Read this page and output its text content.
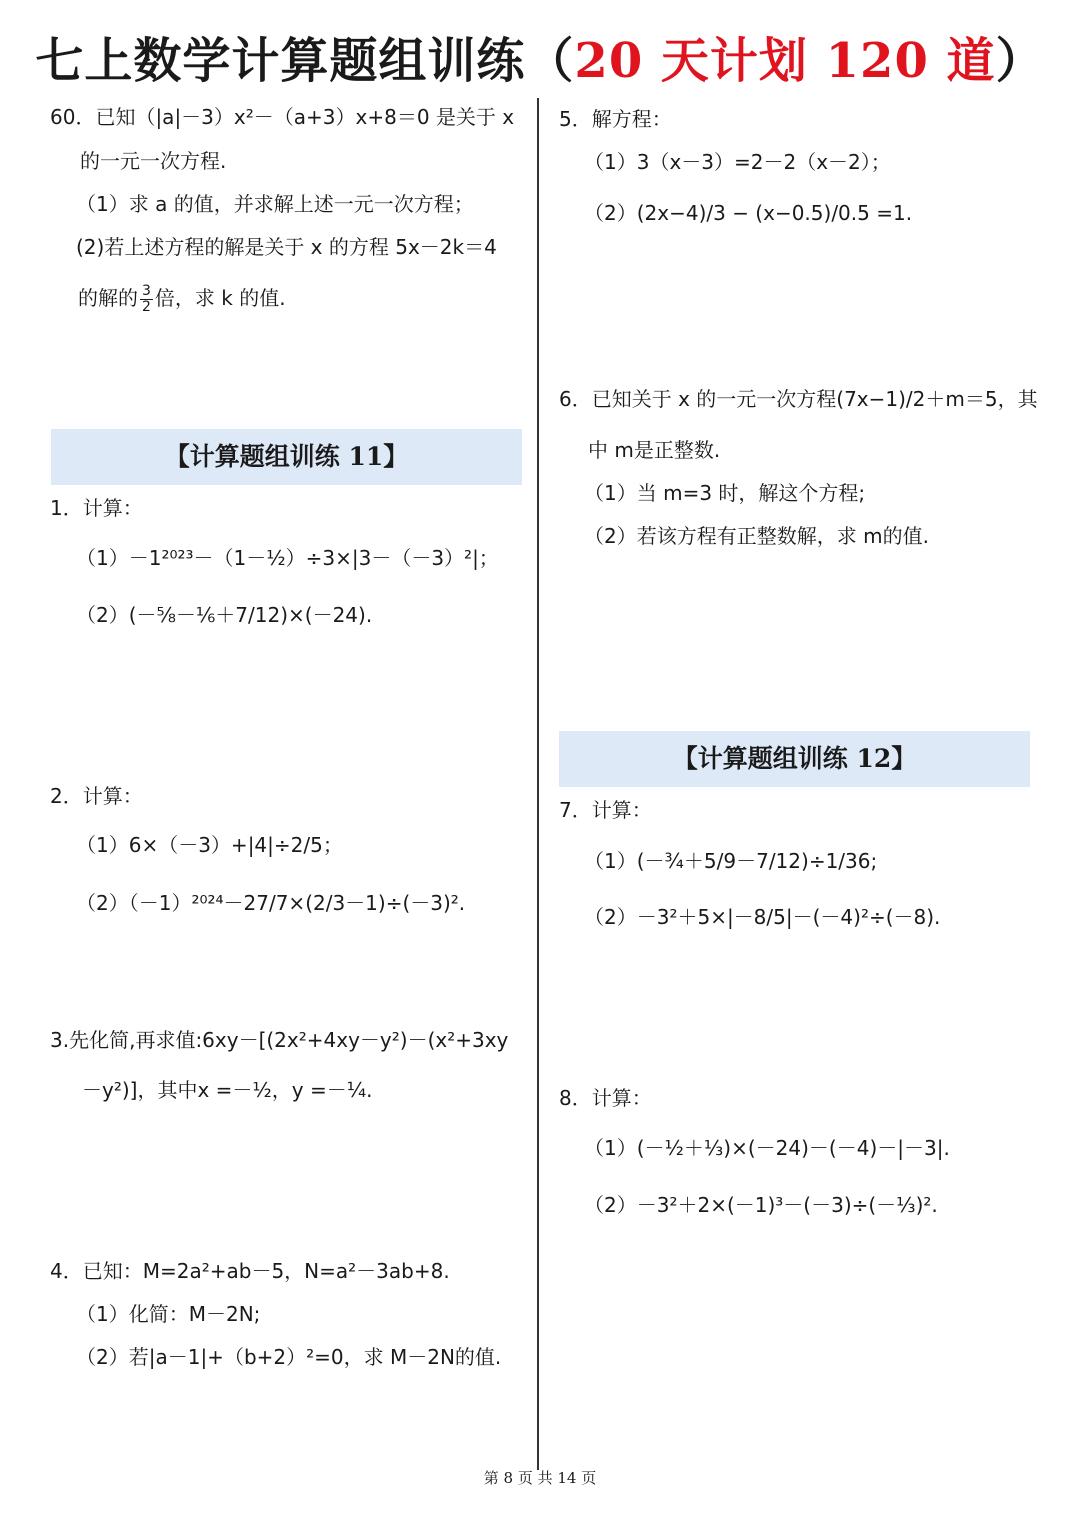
七上数学计算题组训练（20 天计划 120 道）
60．已知（|a|－3）x²－（a+3）x+8＝0 是关于 x
的一元一次方程.
（1）求 a 的值，并求解上述一元一次方程；
(2)若上述方程的解是关于 x 的方程 5x－2k＝4
的解的 $\frac{3}{2}$ 倍，求 k 的值.
【计算题组训练 11】
1．计算：
（1）－1²⁰²³－（1－½）÷3×|3－（－3）²|；
（2）(－⅝－⅙＋7/12)×(－24).
2．计算：
（1）6×（－3）+|4|÷2/5；
（2）（－1）²⁰²⁴－27/7×(2/3－1)÷(－3)².
3.先化简,再求值:6xy－[(2x²+4xy－y²)－(x²+3xy
－y²)]，其中x =－½，y =－¼.
4．已知：M=2a²+ab－5，N=a²－3ab+8.
（1）化简：M－2N;
（2）若|a－1|+（b+2）²=0，求 M－2N的值.
5．解方程：
（1）3（x－3）=2－2（x－2）；
（2）(2x−4)/3 − (x−0.5)/0.5 =1.
6．已知关于 x 的一元一次方程(7x−1)/2＋m＝5，其
中 m是正整数.
（1）当 m=3 时，解这个方程;
（2）若该方程有正整数解，求 m的值.
【计算题组训练 12】
7．计算：
（1）(－¾＋5/9－7/12)÷1/36;
（2）－3²＋5×|－8/5|－(－4)²÷(－8).
8．计算：
（1）(－½＋⅓)×(－24)－(－4)－|－3|.
（2）－3²＋2×(－1)³－(－3)÷(－⅓)².
第 8 页 共 14 页
